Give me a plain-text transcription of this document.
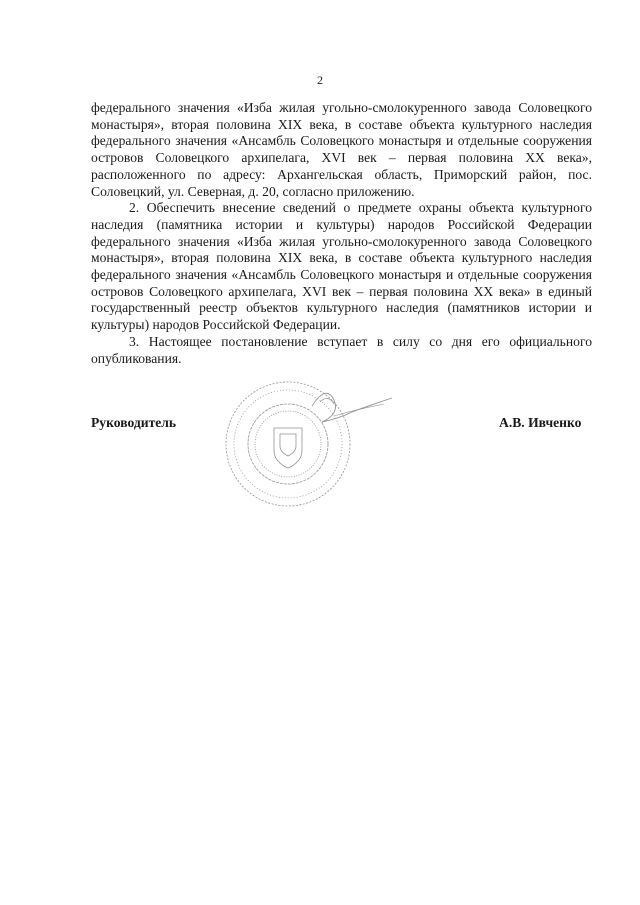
2

федерального значения «Изба жилая угольно-смолокуренного завода Соловецкого монастыря», вторая половина XIX века, в составе объекта культурного наследия федерального значения «Ансамбль Соловецкого монастыря и отдельные сооружения островов Соловецкого архипелага, XVI век – первая половина XX века», расположенного по адресу: Архангельская область, Приморский район, пос. Соловецкий, ул. Северная, д. 20, согласно приложению.

2. Обеспечить внесение сведений о предмете охраны объекта культурного наследия (памятника истории и культуры) народов Российской Федерации федерального значения «Изба жилая угольно-смолокуренного завода Соловецкого монастыря», вторая половина XIX века, в составе объекта культурного наследия федерального значения «Ансамбль Соловецкого монастыря и отдельные сооружения островов Соловецкого архипелага, XVI век – первая половина XX века» в единый государственный реестр объектов культурного наследия (памятников истории и культуры) народов Российской Федерации.

3. Настоящее постановление вступает в силу со дня его официального опубликования.

Руководитель	А.В. Ивченко
